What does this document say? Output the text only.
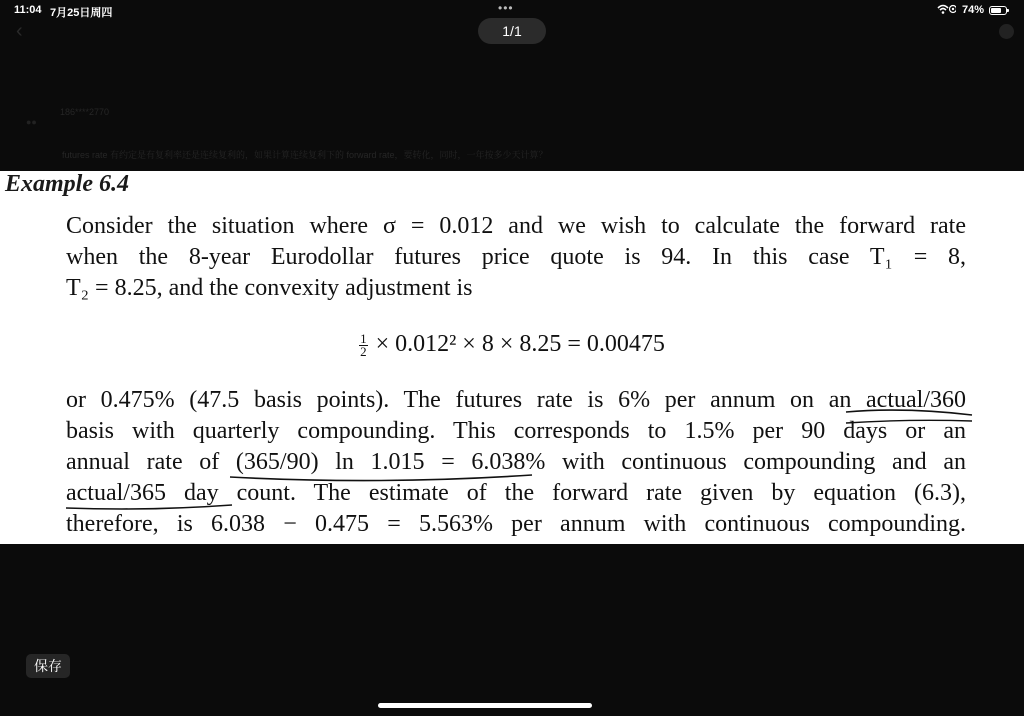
11:04 7月25日周四	•••	74%
‹	1/1
186****2770
●●
futures rate 有约定是有复利率还是连续复利的，如果计算连续复利下的 forward rate，要转化，同时，一年按多少天计算？
Example 6.4
Consider the situation where σ = 0.012 and we wish to calculate the forward rate
when the 8-year Eurodollar futures price quote is 94. In this case T₁ = 8,
T₂ = 8.25, and the convexity adjustment is
$\frac{1}{2} \times 0.012^2 \times 8 \times 8.25 = 0.00475$
or 0.475% (47.5 basis points). The futures rate is 6% per annum on an actual/360
basis with quarterly compounding. This corresponds to 1.5% per 90 days or an
annual rate of (365/90) ln 1.015 = 6.038% with continuous compounding and an
actual/365 day count. The estimate of the forward rate given by equation (6.3),
therefore, is 6.038 − 0.475 = 5.563% per annum with continuous compounding.
保存
